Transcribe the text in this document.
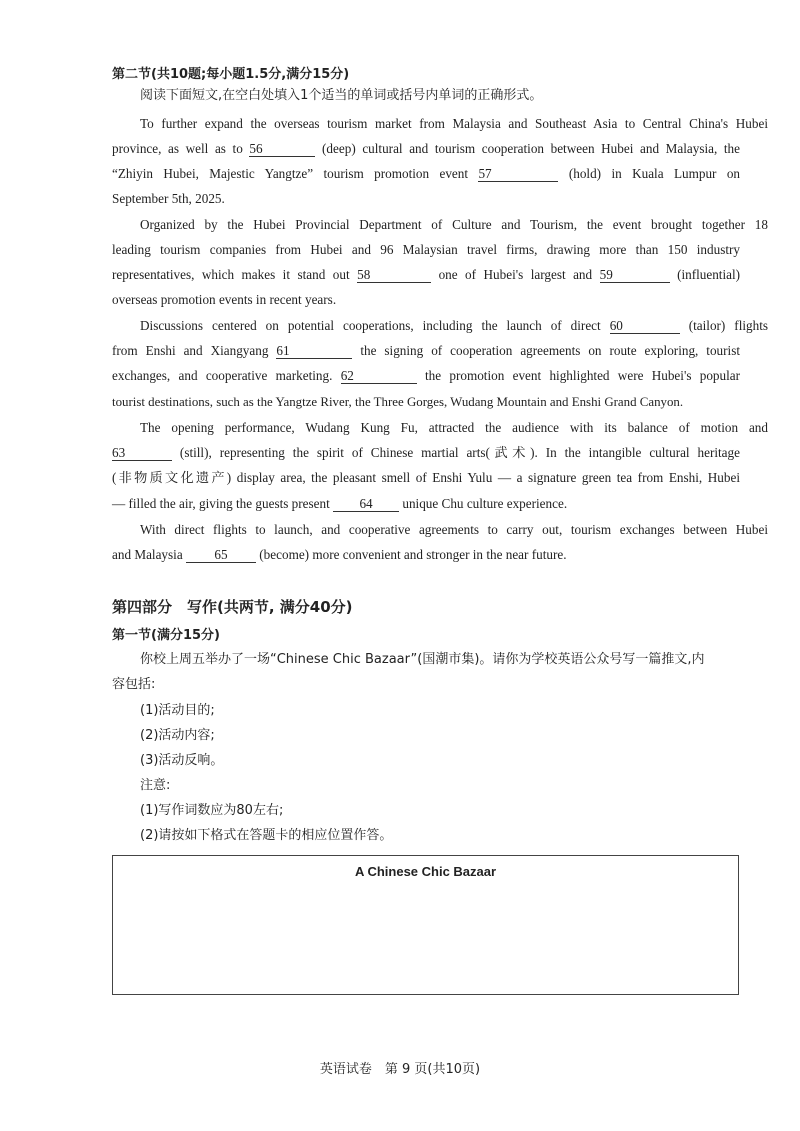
第二节(共10题;每小题1.5分,满分15分)
阅读下面短文,在空白处填入1个适当的单词或括号内单词的正确形式。
To further expand the overseas tourism market from Malaysia and Southeast Asia to Central China's Hubei
province, as well as to 56	(deep) cultural and tourism cooperation between Hubei and Malaysia, the
“Zhiyin Hubei, Majestic Yangtze” tourism promotion event 57	(hold) in Kuala Lumpur on
September 5th, 2025.
Organized by the Hubei Provincial Department of Culture and Tourism, the event brought together 18
leading tourism companies from Hubei and 96 Malaysian travel firms, drawing more than 150 industry
representatives, which makes it stand out 58	one of Hubei's largest and 59	(influential)
overseas promotion events in recent years.
Discussions centered on potential cooperations, including the launch of direct 60	(tailor) flights
from Enshi and Xiangyang 61	the signing of cooperation agreements on route exploring, tourist
exchanges, and cooperative marketing. 62	the promotion event highlighted were Hubei's popular
tourist destinations, such as the Yangtze River, the Three Gorges, Wudang Mountain and Enshi Grand Canyon.
The opening performance, Wudang Kung Fu, attracted the audience with its balance of motion and
63	(still), representing the spirit of Chinese martial arts(武术). In the intangible cultural heritage
(非物质文化遗产) display area, the pleasant smell of Enshi Yulu — a signature green tea from Enshi, Hubei
— filled the air, giving the guests present 64 unique Chu culture experience.
With direct flights to launch, and cooperative agreements to carry out, tourism exchanges between Hubei
and Malaysia 65 (become) more convenient and stronger in the near future.
第四部分　写作(共两节, 满分40分)
第一节(满分15分)
你校上周五举办了一场“Chinese Chic Bazaar”(国潮市集)。请你为学校英语公众号写一篇推文,内
容包括:
(1)活动目的;
(2)活动内容;
(3)活动反响。
注意:
(1)写作词数应为80左右;
(2)请按如下格式在答题卡的相应位置作答。
A Chinese Chic Bazaar
英语试卷　第 9 页(共10页)
